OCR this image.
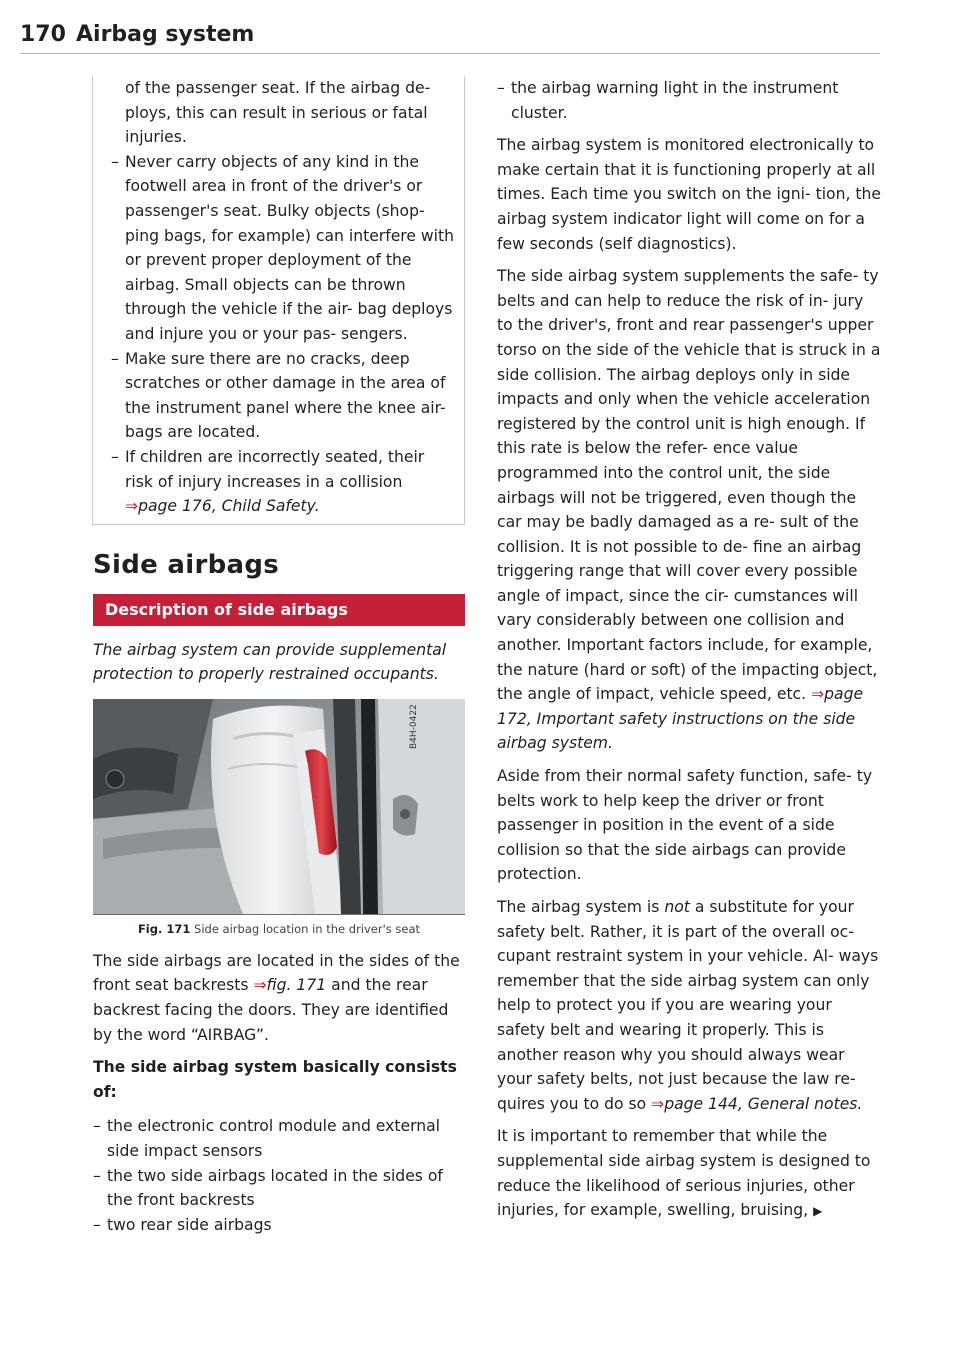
170 Airbag system
of the passenger seat. If the airbag de-
ploys, this can result in serious or fatal
injuries.
– Never carry objects of any kind in the footwell area in front of the driver's or passenger's seat. Bulky objects (shop- ping bags, for example) can interfere with or prevent proper deployment of the airbag. Small objects can be thrown through the vehicle if the air- bag deploys and injure you or your pas- sengers.
– Make sure there are no cracks, deep scratches or other damage in the area of the instrument panel where the knee air- bags are located.
– If children are incorrectly seated, their risk of injury increases in a collision ⇒page 176, Child Safety.
Side airbags
Description of side airbags

The airbag system can provide supplemental protection to properly restrained occupants.

B4H-0422
Fig. 171 Side airbag location in the driver's seat

The side airbags are located in the sides of the front seat backrests ⇒fig. 171 and the rear backrest facing the doors. They are identified by the word “AIRBAG”.

The side airbag system basically consists of:

– the electronic control module and external side impact sensors
– the two side airbags located in the sides of the front backrests
– two rear side airbags
– the airbag warning light in the instrument cluster.

The airbag system is monitored electronically to make certain that it is functioning properly at all times. Each time you switch on the igni- tion, the airbag system indicator light will come on for a few seconds (self diagnostics).

The side airbag system supplements the safe- ty belts and can help to reduce the risk of in- jury to the driver's, front and rear passenger's upper torso on the side of the vehicle that is struck in a side collision. The airbag deploys only in side impacts and only when the vehicle acceleration registered by the control unit is high enough. If this rate is below the refer- ence value programmed into the control unit, the side airbags will not be triggered, even though the car may be badly damaged as a re- sult of the collision. It is not possible to de- fine an airbag triggering range that will cover every possible angle of impact, since the cir- cumstances will vary considerably between one collision and another. Important factors include, for example, the nature (hard or soft) of the impacting object, the angle of impact, vehicle speed, etc. ⇒page 172, Important safety instructions on the side airbag system.

Aside from their normal safety function, safe- ty belts work to help keep the driver or front passenger in position in the event of a side collision so that the side airbags can provide protection.

The airbag system is not a substitute for your safety belt. Rather, it is part of the overall oc- cupant restraint system in your vehicle. Al- ways remember that the side airbag system can only help to protect you if you are wearing your safety belt and wearing it properly. This is another reason why you should always wear your safety belts, not just because the law re- quires you to do so ⇒page 144, General notes.

It is important to remember that while the supplemental side airbag system is designed to reduce the likelihood of serious injuries, other injuries, for example, swelling, bruising, ▶
